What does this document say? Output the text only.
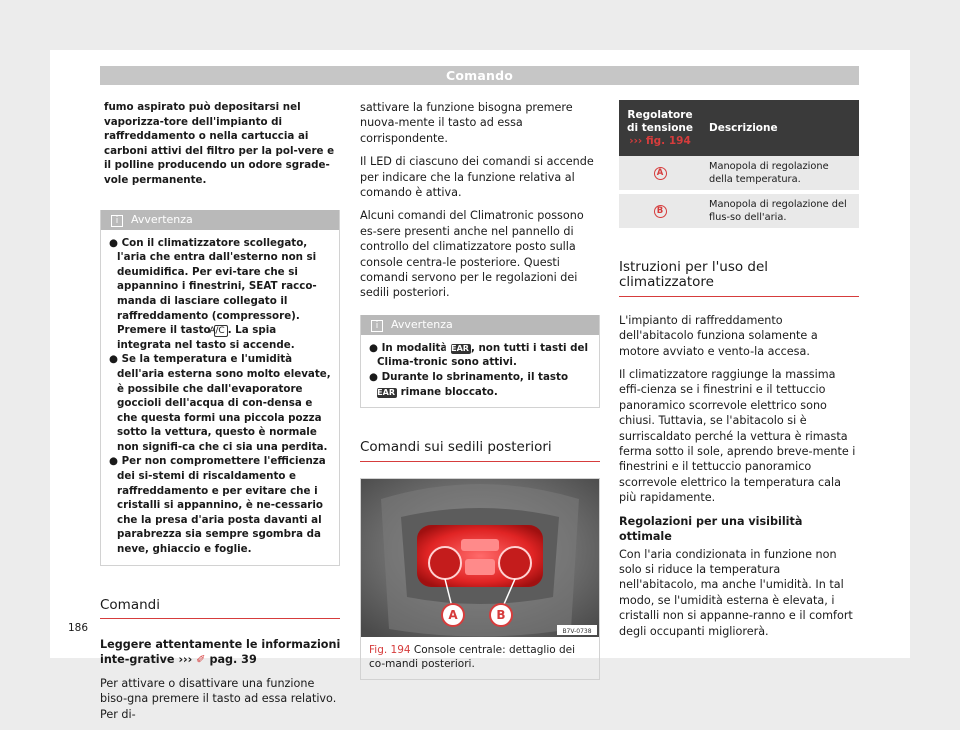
Comando

fumo aspirato può depositarsi nel vaporizza-tore dell'impianto di raffreddamento o nella cartuccia ai carboni attivi del filtro per la pol-vere e il polline producendo un odore sgrade-vole permanente.

i Avvertenza

● Con il climatizzatore scollegato, l'aria che entra dall'esterno non si deumidifica. Per evi-tare che si appannino i finestrini, SEAT racco-manda di lasciare collegato il raffreddamento (compressore). Premere il tasto A/C . La spia integrata nel tasto si accende.

● Se la temperatura e l'umidità dell'aria esterna sono molto elevate, è possibile che dall'evaporatore goccioli dell'acqua di con-densa e che questa formi una piccola pozza sotto la vettura, questo è normale non signifi-ca che ci sia una perdita.

● Per non compromettere l'efficienza dei si-stemi di riscaldamento e raffreddamento e per evitare che i cristalli si appannino, è ne-cessario che la presa d'aria posta davanti al parabrezza sia sempre sgombra da neve, ghiaccio e foglie.

Comandi

Leggere attentamente le informazioni inte-grative ››› ✐ pag. 39

Per attivare o disattivare una funzione biso-gna premere il tasto ad essa relativo. Per di-

sattivare la funzione bisogna premere nuova-mente il tasto ad essa corrispondente.

Il LED di ciascuno dei comandi si accende per indicare che la funzione relativa al comando è attiva.

Alcuni comandi del Climatronic possono es-sere presenti anche nel pannello di controllo del climatizzatore posto sulla console centra-le posteriore. Questi comandi servono per le regolazioni dei sedili posteriori.

i Avvertenza

● In modalità REAR , non tutti i tasti del Clima-tronic sono attivi.

● Durante lo sbrinamento, il tasto REAR rimane bloccato.

Comandi sui sedili posteriori
A	B
B7V-0738
Fig. 194 Console centrale: dettaglio dei co-mandi posteriori.
Regolatore di tensione
››› fig. 194	Descrizione
A	Manopola di regolazione della temperatura.
B	Manopola di regolazione del flus-so dell'aria.
Istruzioni per l'uso del climatizzatore

L'impianto di raffreddamento dell'abitacolo funziona solamente a motore avviato e vento-la accesa.

Il climatizzatore raggiunge la massima effi-cienza se i finestrini e il tettuccio panoramico scorrevole elettrico sono chiusi. Tuttavia, se l'abitacolo si è surriscaldato perché la vettura è rimasta ferma sotto il sole, aprendo breve-mente i finestrini e il tettuccio panoramico scorrevole elettrico la temperatura cala più rapidamente.

Regolazioni per una visibilità ottimale

Con l'aria condizionata in funzione non solo si riduce la temperatura nell'abitacolo, ma anche l'umidità. In tal modo, se l'umidità esterna è elevata, i cristalli non si appanne-ranno e il comfort degli occupanti migliorerà.

186
